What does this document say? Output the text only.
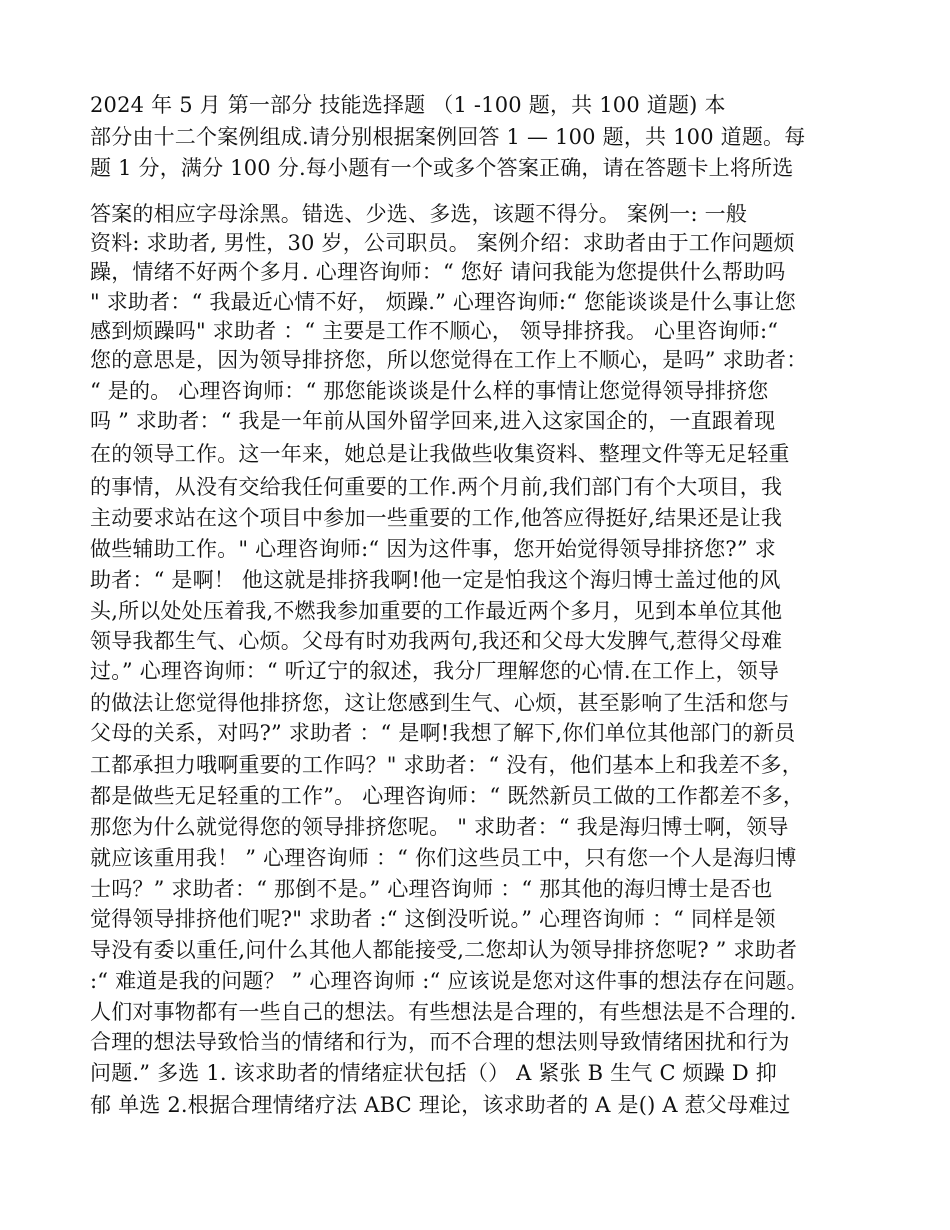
2024 年 5 月 第一部分 技能选择题 （1 -100 题，共 100 道题) 本
部分由十二个案例组成.请分别根据案例回答 1 — 100 题，共 100 道题。每
题 1 分，满分 100 分.每小题有一个或多个答案正确，请在答题卡上将所选
答案的相应字母涂黑。错选、少选、多选，该题不得分。 案例一: 一般
资料: 求助者, 男性，30 岁，公司职员。 案例介绍：求助者由于工作问题烦
躁，情绪不好两个多月. 心理咨询师：“ 您好 请问我能为您提供什么帮助吗
" 求助者：“ 我最近心情不好， 烦躁.” 心理咨询师:“ 您能谈谈是什么事让您
感到烦躁吗" 求助者 ：“ 主要是工作不顺心， 领导排挤我。 心里咨询师:“
您的意思是，因为领导排挤您，所以您觉得在工作上不顺心，是吗” 求助者：
“ 是的。 心理咨询师：“ 那您能谈谈是什么样的事情让您觉得领导排挤您
吗 ” 求助者：“ 我是一年前从国外留学回来,进入这家国企的，一直跟着现
在的领导工作。这一年来，她总是让我做些收集资料、整理文件等无足轻重
的事情，从没有交给我任何重要的工作.两个月前,我们部门有个大项目，我
主动要求站在这个项目中参加一些重要的工作,他答应得挺好,结果还是让我
做些辅助工作。" 心理咨询师:“ 因为这件事，您开始觉得领导排挤您?” 求
助者：“ 是啊！ 他这就是排挤我啊!他一定是怕我这个海归博士盖过他的风
头,所以处处压着我,不燃我参加重要的工作最近两个多月，见到本单位其他
领导我都生气、心烦。父母有时劝我两句,我还和父母大发脾气,惹得父母难
过。” 心理咨询师：“ 听辽宁的叙述，我分厂理解您的心情.在工作上，领导
的做法让您觉得他排挤您，这让您感到生气、心烦，甚至影响了生活和您与
父母的关系，对吗?” 求助者 ：“ 是啊!我想了解下,你们单位其他部门的新员
工都承担力哦啊重要的工作吗？" 求助者：“ 没有，他们基本上和我差不多，
都是做些无足轻重的工作”。 心理咨询师：“ 既然新员工做的工作都差不多，
那您为什么就觉得您的领导排挤您呢。 " 求助者：“ 我是海归博士啊，领导
就应该重用我！ ” 心理咨询师 ：“ 你们这些员工中，只有您一个人是海归博
士吗？” 求助者：“ 那倒不是。” 心理咨询师 ：“ 那其他的海归博士是否也
觉得领导排挤他们呢?" 求助者 :“ 这倒没听说。” 心理咨询师 ：“ 同样是领
导没有委以重任,问什么其他人都能接受,二您却认为领导排挤您呢? ” 求助者
:“ 难道是我的问题？ ” 心理咨询师 :“ 应该说是您对这件事的想法存在问题。
人们对事物都有一些自己的想法。有些想法是合理的，有些想法是不合理的.
合理的想法导致恰当的情绪和行为，而不合理的想法则导致情绪困扰和行为
问题.” 多选 1. 该求助者的情绪症状包括（） A 紧张 B 生气 C 烦躁 D 抑
郁 单选 2.根据合理情绪疗法 ABC 理论，该求助者的 A 是() A 惹父母难过
